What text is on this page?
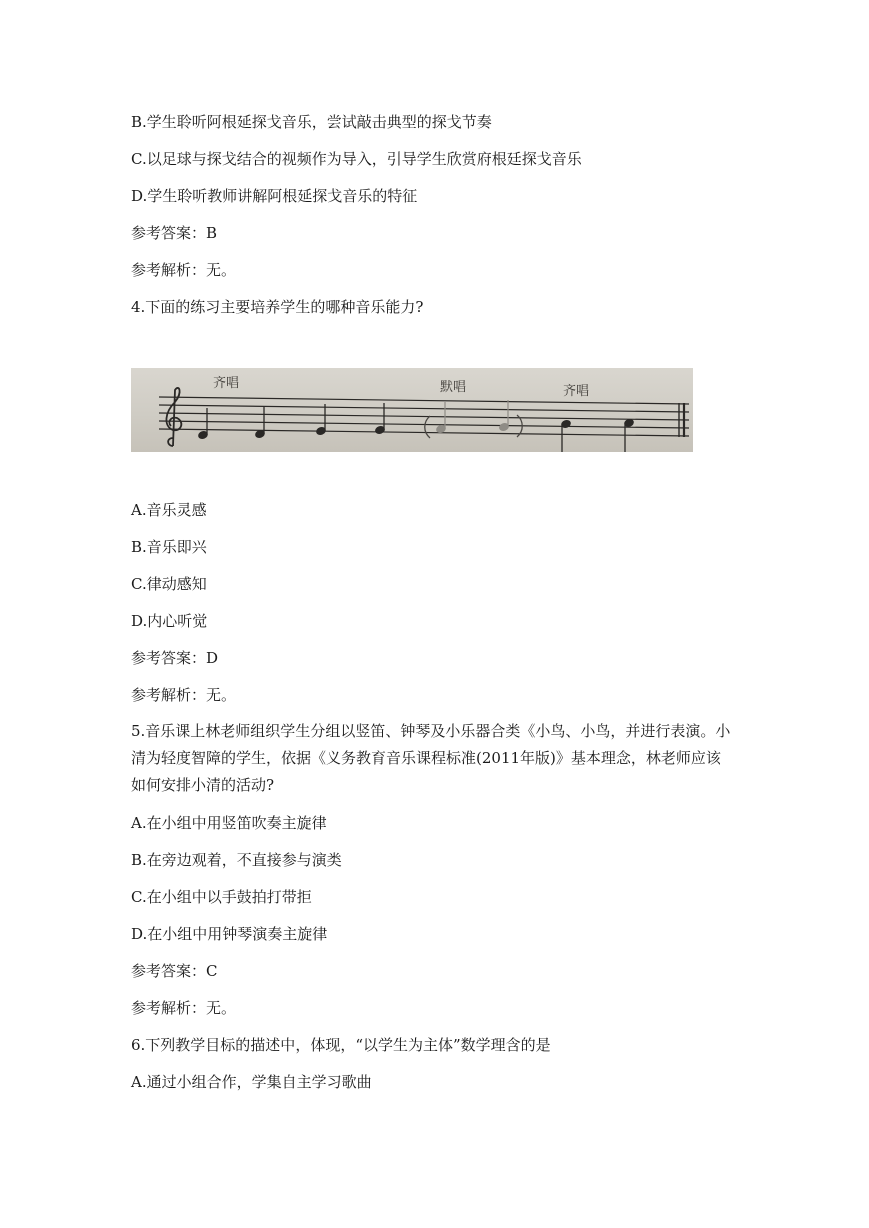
B.学生聆听阿根延探戈音乐，尝试敲击典型的探戈节奏

C.以足球与探戈结合的视频作为导入，引导学生欣赏府根廷探戈音乐

D.学生聆听教师讲解阿根延探戈音乐的特征

参考答案：B

参考解析：无。

4.下面的练习主要培养学生的哪种音乐能力?

齐唱	默唱	齐唱

A.音乐灵感

B.音乐即兴

C.律动感知

D.内心听觉

参考答案：D

参考解析：无。

5.音乐课上林老师组织学生分组以竖笛、钟琴及小乐器合类《小鸟、小鸟，并进行表演。小清为轻度智障的学生，依据《义务教育音乐课程标准(2011年版)》基本理念，林老师应该如何安排小清的活动?

A.在小组中用竖笛吹奏主旋律

B.在旁边观着，不直接参与演类

C.在小组中以手鼓拍打带拒

D.在小组中用钟琴演奏主旋律

参考答案：C

参考解析：无。

6.下列教学目标的描述中，体现，“以学生为主体”数学理含的是

A.通过小组合作，学集自主学习歌曲
